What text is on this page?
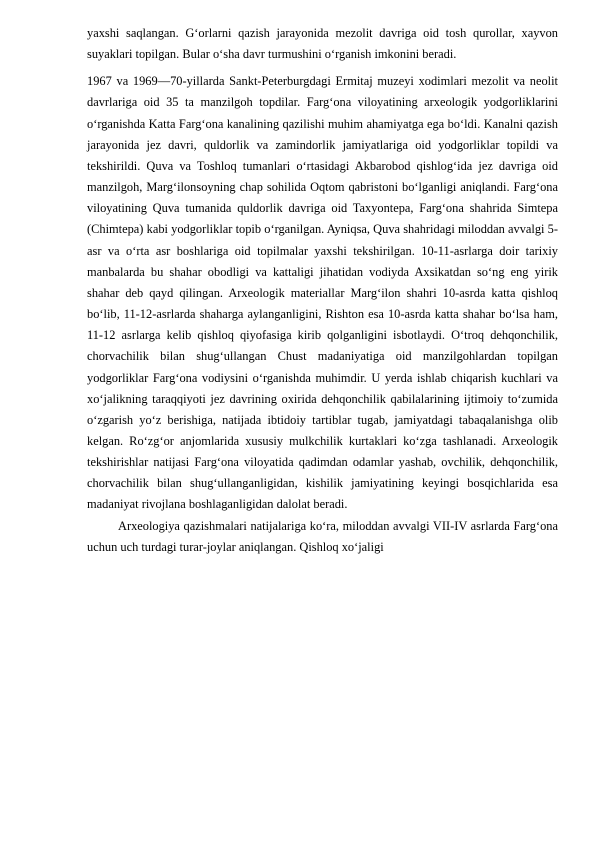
yaxshi saqlangan. Gʻorlarni qazish jarayonida mezolit davriga oid tosh qurollar, xayvon suyaklari topilgan. Bular oʻsha davr turmushini oʻrganish imkonini beradi.

1967 va 1969—70-yillarda Sankt-Peterburgdagi Ermitaj muzeyi xodimlari mezolit va neolit davrlariga oid 35 ta manzilgoh topdilar. Fargʻona viloyatining arxeologik yodgorliklarini oʻrganishda Katta Fargʻona kanalining qazilishi muhim ahamiyatga ega boʻldi. Kanalni qazish jarayonida jez davri, quldorlik va zamindorlik jamiyatlariga oid yodgorliklar topildi va tekshirildi. Quva va Toshloq tumanlari oʻrtasidagi Akbarobod qishlogʻida jez davriga oid manzilgoh, Margʻilonsoyning chap sohilida Oqtom qabristoni boʻlganligi aniqlandi. Fargʻona viloyatining Quva tumanida quldorlik davriga oid Taxyontepa, Fargʻona shahrida Simtepa (Chimtepa) kabi yodgorliklar topib oʻrganilgan. Ayniqsa, Quva shahridagi miloddan avvalgi 5-asr va oʻrta asr boshlariga oid topilmalar yaxshi tekshirilgan. 10-11-asrlarga doir tarixiy manbalarda bu shahar obodligi va kattaligi jihatidan vodiyda Axsikatdan soʻng eng yirik shahar deb qayd qilingan. Arxeologik materiallar Margʻilon shahri 10-asrda katta qishloq boʻlib, 11-12-asrlarda shaharga aylanganligini, Rishton esa 10-asrda katta shahar boʻlsa ham, 11-12 asrlarga kelib qishloq qiyofasiga kirib qolganligini isbotlaydi. Oʻtroq dehqonchilik, chorvachilik bilan shugʻullangan Chust madaniyatiga oid manzilgohlardan topilgan yodgorliklar Fargʻona vodiysini oʻrganishda muhimdir. U yerda ishlab chiqarish kuchlari va xoʻjalikning taraqqiyoti jez davrining oxirida dehqonchilik qabilalarining ijtimoiy toʻzumida oʻzgarish yoʻz berishiga, natijada ibtidoiy tartiblar tugab, jamiyatdagi tabaqalanishga olib kelgan. Roʻzgʻor anjomlarida xususiy mulkchilik kurtaklari koʻzga tashlanadi. Arxeologik tekshirishlar natijasi Fargʻona viloyatida qadimdan odamlar yashab, ovchilik, dehqonchilik, chorvachilik bilan shugʻullanganligidan, kishilik jamiyatining keyingi bosqichlarida esa madaniyat rivojlana boshlaganligidan dalolat beradi.

Arxeologiya qazishmalari natijalariga koʻra, miloddan avvalgi VII-IV asrlarda Fargʻona uchun uch turdagi turar-joylar aniqlangan. Qishloq xoʻjaligi
